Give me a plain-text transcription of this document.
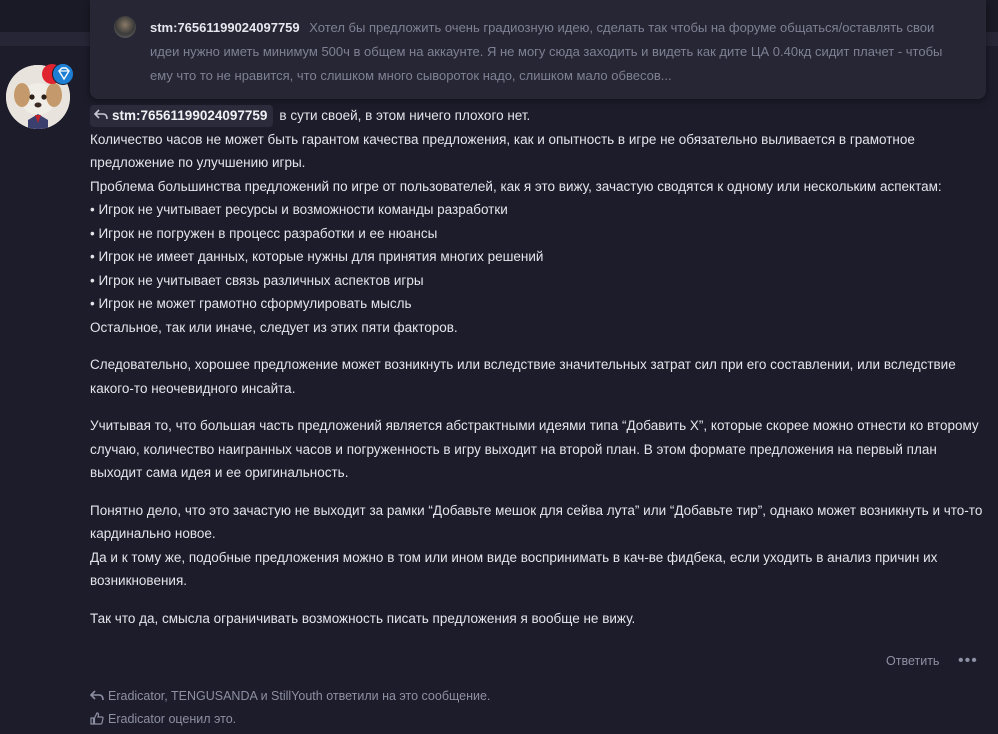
stm:76561199024097759 Хотел бы предложить очень градиозную идею, сделать так чтобы на форуме общаться/оставлять свои идеи нужно иметь минимум 500ч в общем на аккаунте. Я не могу сюда заходить и видеть как дите ЦА 0.40кд сидит плачет - чтобы ему что то не нравится, что слишком много сывороток надо, слишком мало обвесов...

stm:76561199024097759 в сути своей, в этом ничего плохого нет.

Количество часов не может быть гарантом качества предложения, как и опытность в игре не обязательно выливается в грамотное предложение по улучшению игры.

Проблема большинства предложений по игре от пользователей, как я это вижу, зачастую сводятся к одному или нескольким аспектам:

• Игрок не учитывает ресурсы и возможности команды разработки

• Игрок не погружен в процесс разработки и ее нюансы

• Игрок не имеет данных, которые нужны для принятия многих решений

• Игрок не учитывает связь различных аспектов игры

• Игрок не может грамотно сформулировать мысль

Остальное, так или иначе, следует из этих пяти факторов.

Следовательно, хорошее предложение может возникнуть или вследствие значительных затрат сил при его составлении, или вследствие какого-то неочевидного инсайта.

Учитывая то, что большая часть предложений является абстрактными идеями типа “Добавить Х”, которые скорее можно отнести ко второму случаю, количество наигранных часов и погруженность в игру выходит на второй план. В этом формате предложения на первый план выходит сама идея и ее оригинальность.

Понятно дело, что это зачастую не выходит за рамки “Добавьте мешок для сейва лута” или “Добавьте тир”, однако может возникнуть и что-то кардинально новое.

Да и к тому же, подобные предложения можно в том или ином виде воспринимать в кач-ве фидбека, если уходить в анализ причин их возникновения.

Так что да, смысла ограничивать возможность писать предложения я вообще не вижу.

Ответить •••
Eradicator, TENGUSANDA и StillYouth ответили на это сообщение.
Eradicator оценил это.
